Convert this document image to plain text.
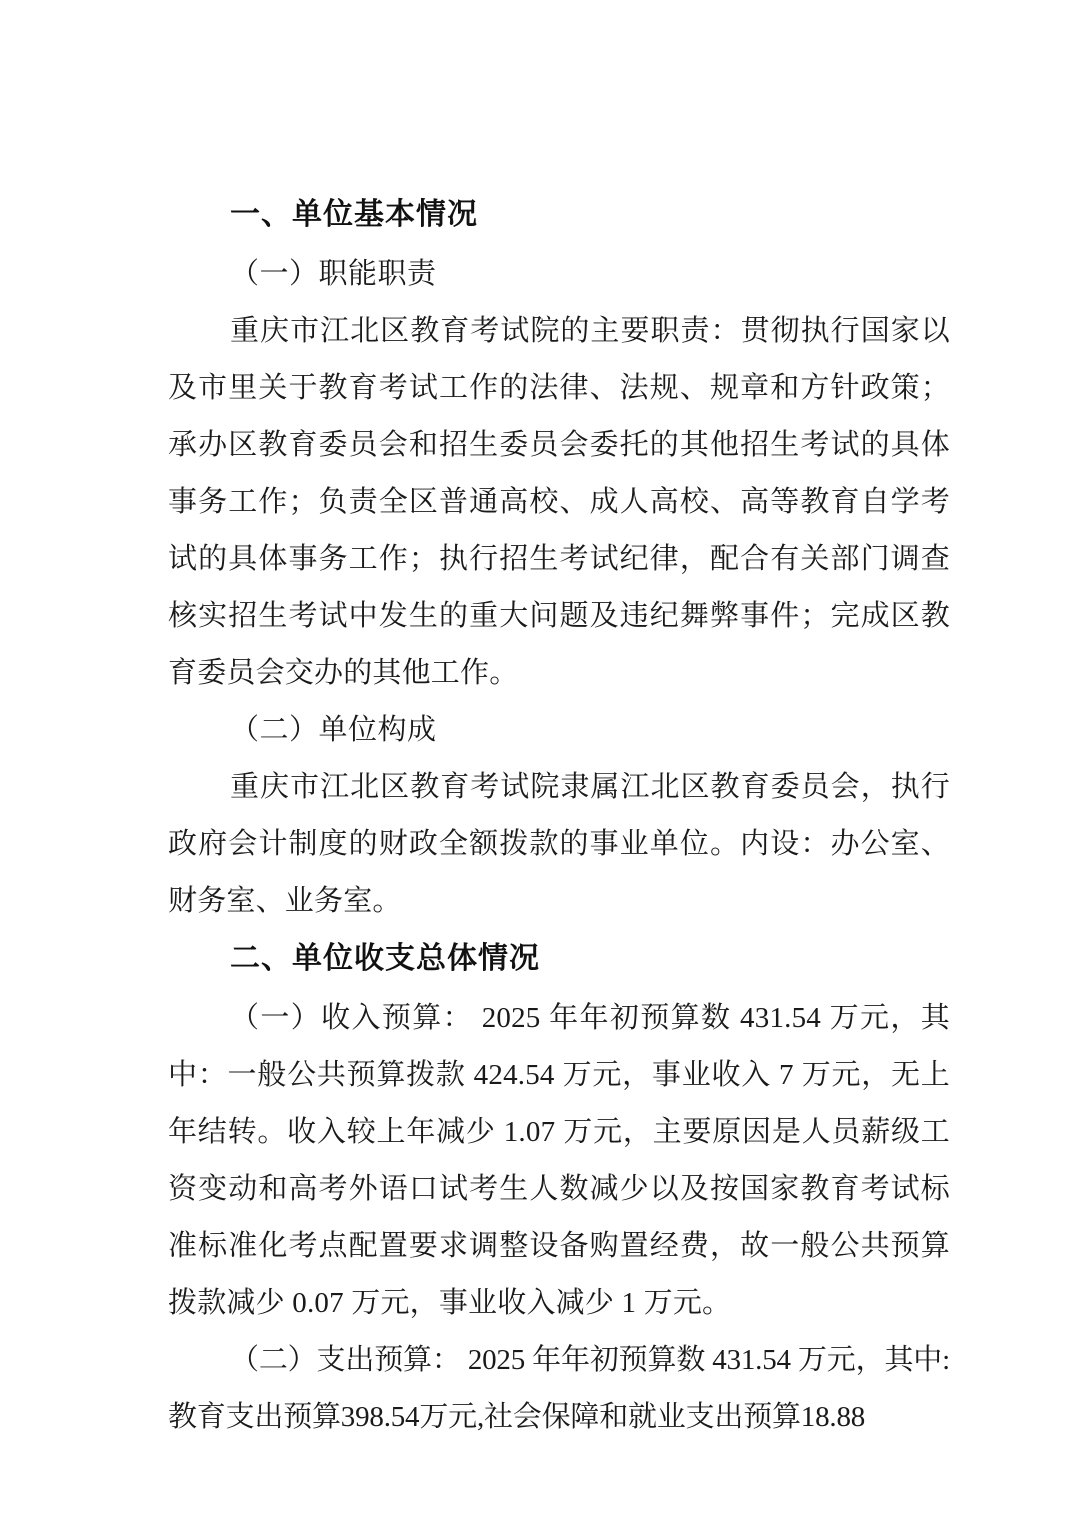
一、单位基本情况

（一）职能职责

重庆市江北区教育考试院的主要职责：贯彻执行国家以及市里关于教育考试工作的法律、法规、规章和方针政策；承办区教育委员会和招生委员会委托的其他招生考试的具体事务工作；负责全区普通高校、成人高校、高等教育自学考试的具体事务工作；执行招生考试纪律，配合有关部门调查核实招生考试中发生的重大问题及违纪舞弊事件；完成区教育委员会交办的其他工作。

（二）单位构成

重庆市江北区教育考试院隶属江北区教育委员会，执行政府会计制度的财政全额拨款的事业单位。内设：办公室、财务室、业务室。

二、单位收支总体情况

（一）收入预算： 2025 年年初预算数 431.54 万元，其中：一般公共预算拨款 424.54 万元，事业收入 7 万元，无上年结转。收入较上年减少 1.07 万元，主要原因是人员薪级工资变动和高考外语口试考生人数减少以及按国家教育考试标准标准化考点配置要求调整设备购置经费，故一般公共预算拨款减少 0.07 万元，事业收入减少 1 万元。

（二）支出预算： 2025 年年初预算数 431.54 万元，其中:教育支出预算398.54万元,社会保障和就业支出预算18.88
